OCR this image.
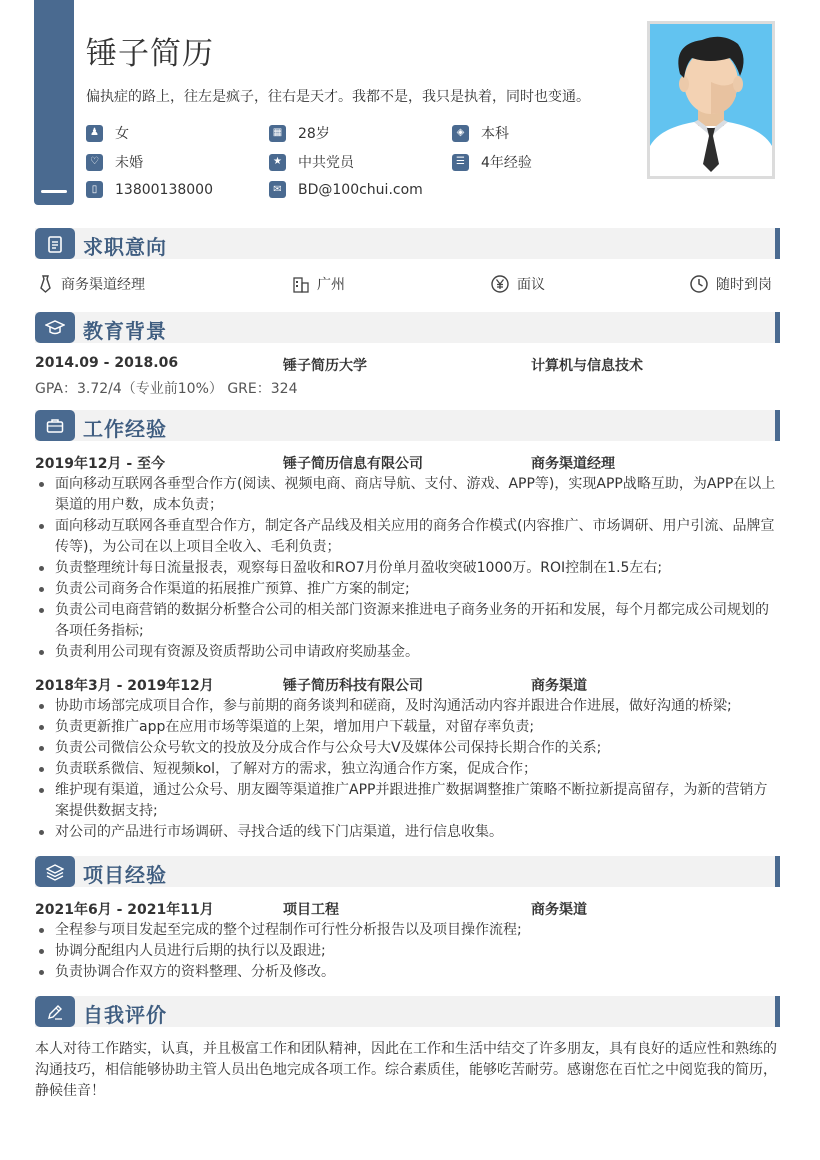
锤子简历
偏执症的路上，往左是疯子，往右是天才。我都不是，我只是执着，同时也变通。
♟ 女	▦ 28岁	◈	本科
♡ 未婚	★ 中共党员	☰ 4年经验
▯	13800138000	✉	BD@100chui.com
求职意向
商务渠道经理	广州	面议	随时到岗
教育背景
2014.09 - 2018.06	锤子简历大学	计算机与信息技术
GPA：3.72/4（专业前10%） GRE：324
工作经验
2019年12月 - 至今	锤子简历信息有限公司	商务渠道经理
面向移动互联网各垂型合作方(阅读、视频电商、商店导航、支付、游戏、APP等)，实现APP战略互助，为APP在以上渠道的用户数，成本负责；
面向移动互联网各垂直型合作方，制定各产品线及相关应用的商务合作模式(内容推广、市场调研、用户引流、品牌宣传等)，为公司在以上项目全收入、毛利负责；
负责整理统计每日流量报表，观察每日盈收和RO7月份单月盈收突破1000万。ROI控制在1.5左右;
负责公司商务合作渠道的拓展推广预算、推广方案的制定;
负责公司电商营销的数据分析整合公司的相关部门资源来推进电子商务业务的开拓和发展，每个月都完成公司规划的各项任务指标;
负责利用公司现有资源及资质帮助公司申请政府奖励基金。
2018年3月 - 2019年12月	锤子简历科技有限公司	商务渠道
协助市场部完成项目合作，参与前期的商务谈判和磋商，及时沟通活动内容并跟进合作进展，做好沟通的桥梁;
负责更新推广app在应用市场等渠道的上架，增加用户下载量，对留存率负责;
负责公司微信公众号软文的投放及分成合作与公众号大V及媒体公司保持长期合作的关系;
负责联系微信、短视频kol，了解对方的需求，独立沟通合作方案，促成合作；
维护现有渠道，通过公众号、朋友圈等渠道推广APP并跟进推广数据调整推广策略不断拉新提高留存，为新的营销方案提供数据支持;
对公司的产品进行市场调研、寻找合适的线下门店渠道，进行信息收集。
项目经验
2021年6月 - 2021年11月	项目工程	商务渠道
全程参与项目发起至完成的整个过程制作可行性分析报告以及项目操作流程;
协调分配组内人员进行后期的执行以及跟进;
负责协调合作双方的资料整理、分析及修改。
自我评价
本人对待工作踏实，认真，并且极富工作和团队精神，因此在工作和生活中结交了许多朋友，具有良好的适应性和熟练的沟通技巧，相信能够协助主管人员出色地完成各项工作。综合素质佳，能够吃苦耐劳。感谢您在百忙之中阅览我的简历，静候佳音！
